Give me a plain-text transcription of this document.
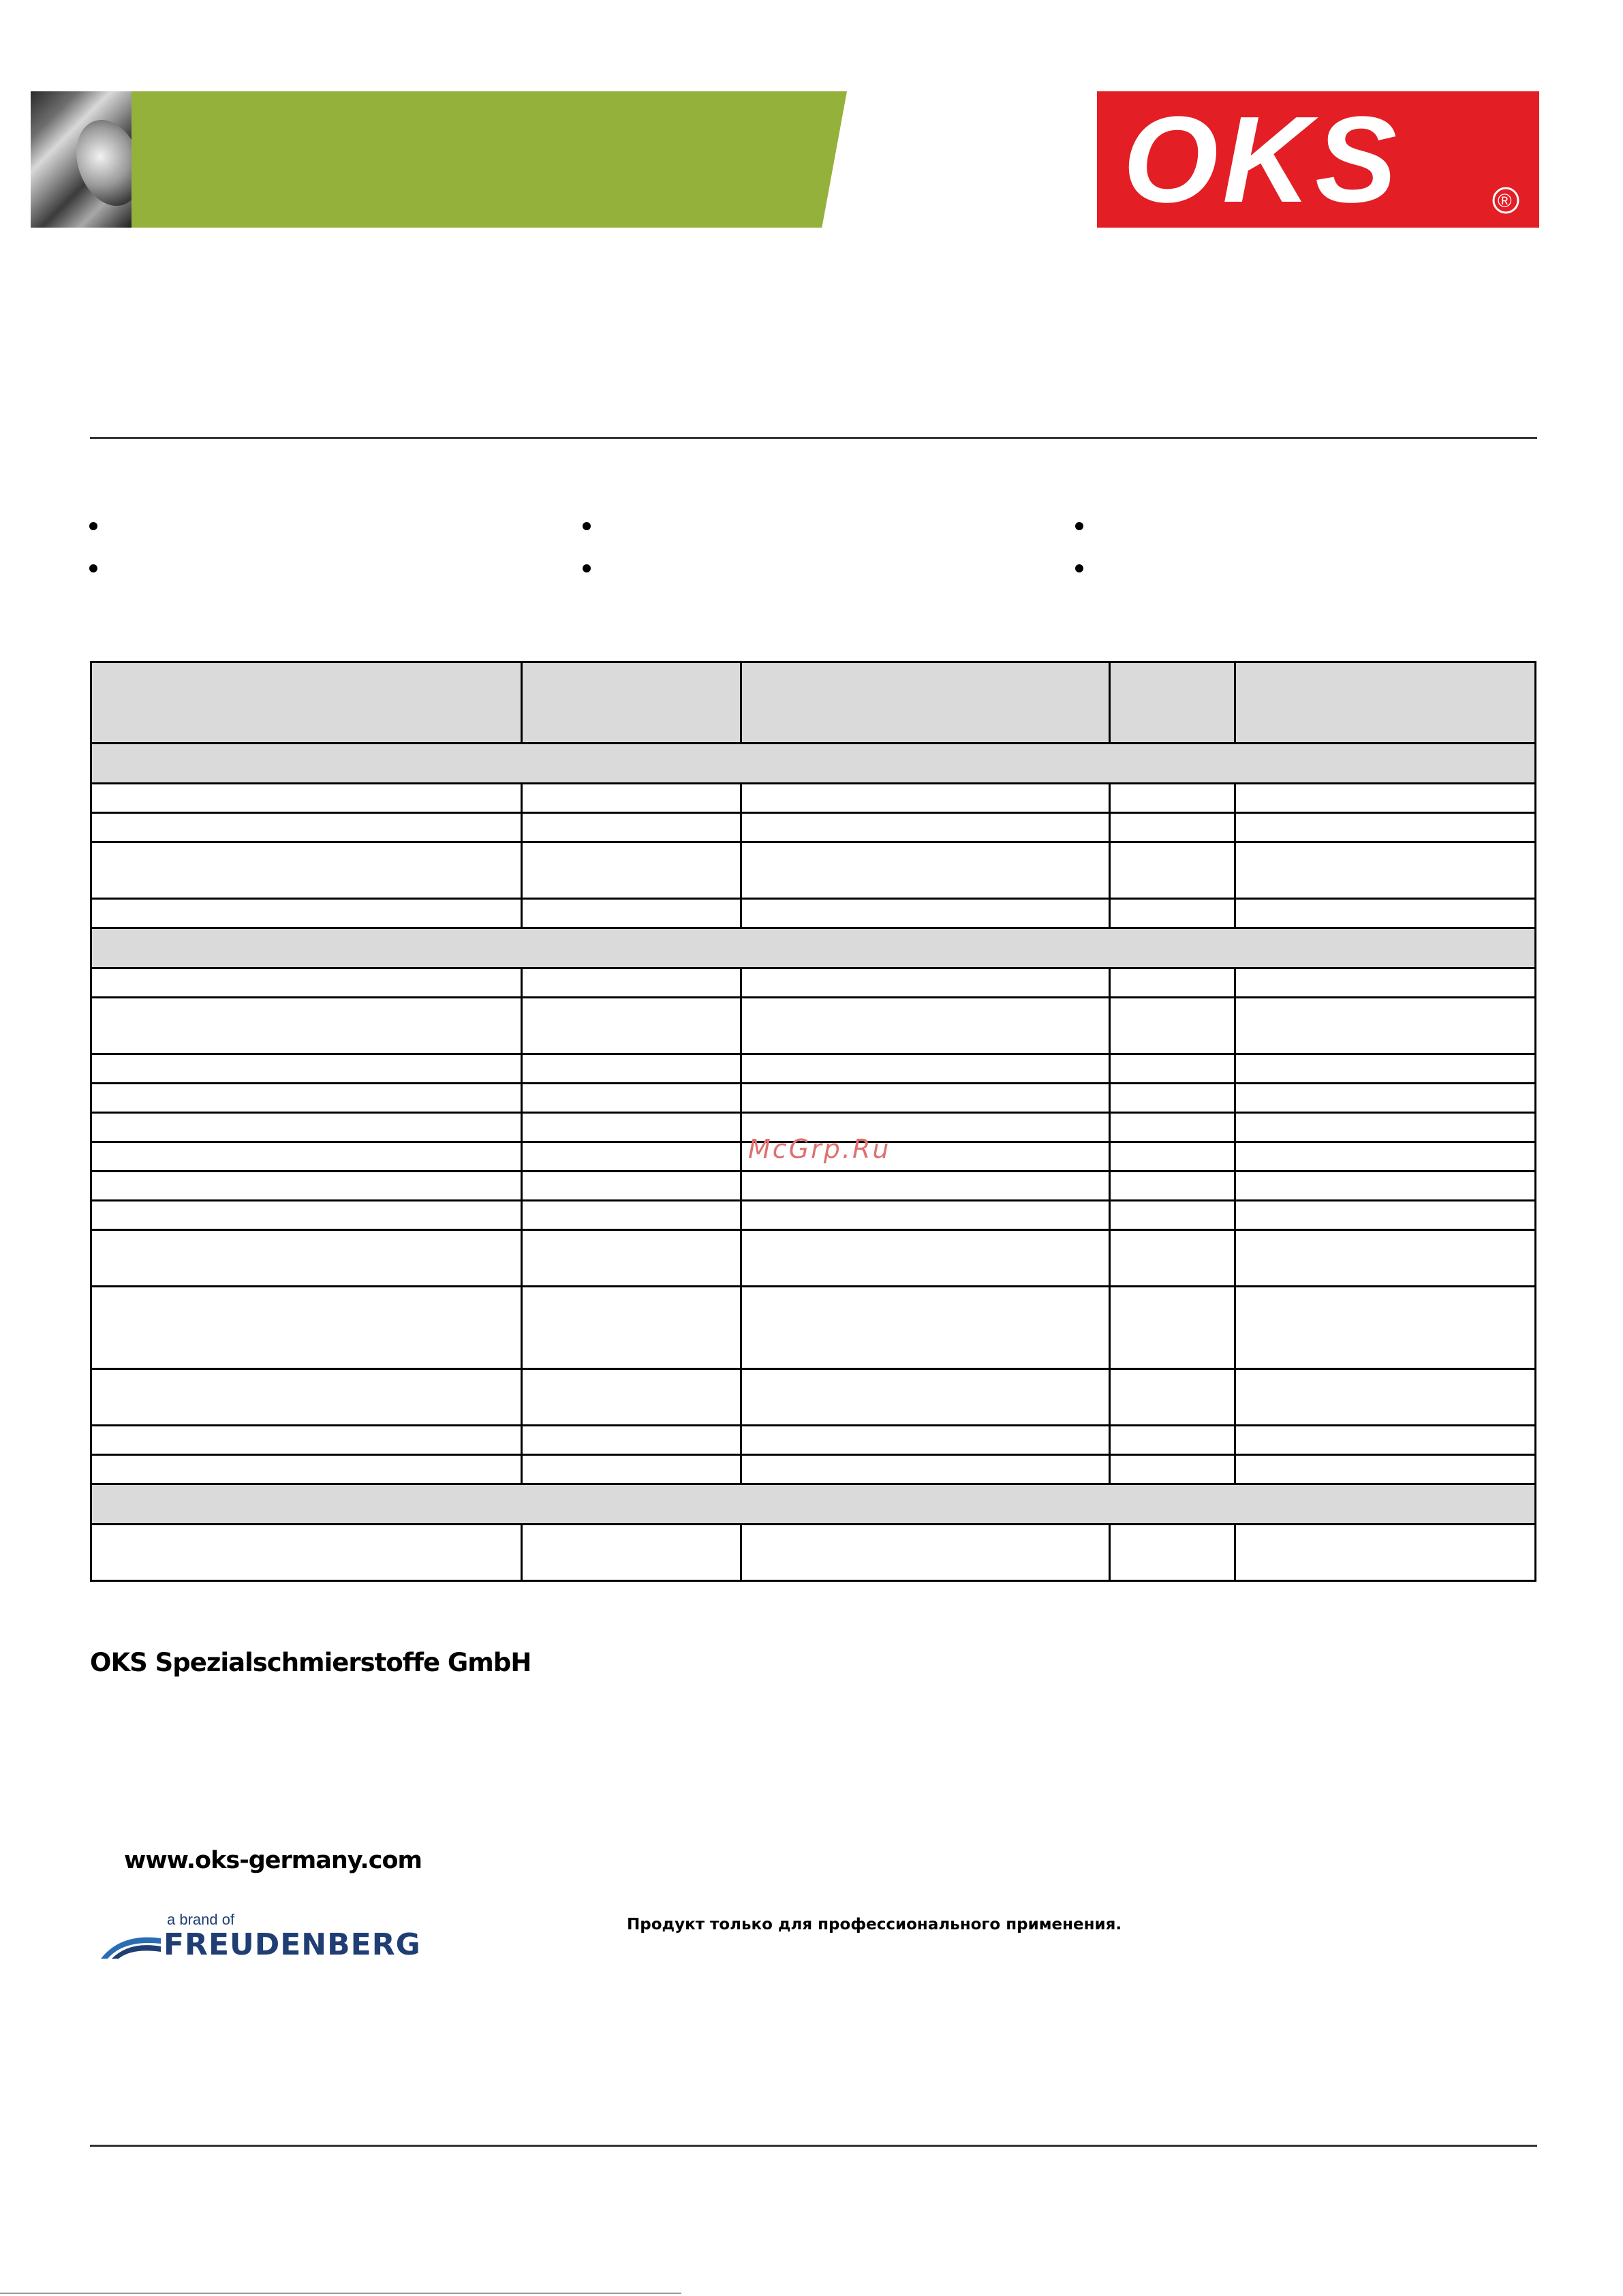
OKS	®

McGrp.Ru
OKS Spezialschmierstoffe GmbH
www.oks-germany.com
a brand of
FREUDENBERG
Продукт только для профессионального применения.
